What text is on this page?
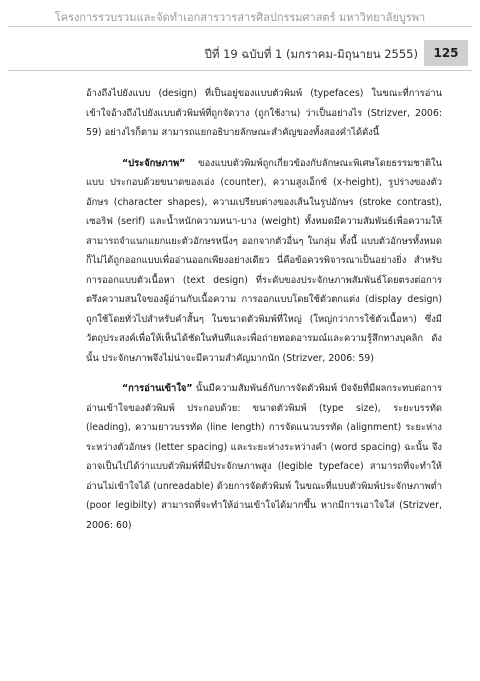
โครงการรวบรวมและจัดทำเอกสารวารสารศิลปกรรมศาสตร์ มหาวิทยาลัยบูรพา
ปีที่ 19 ฉบับที่ 1 (มกราคม-มิถุนายน 2555) 125

อ้างถึงไปยังแบบ (design) ที่เป็นอยู่ของแบบตัวพิมพ์ (typefaces) ในขณะที่การอ่านเข้าใจอ้างถึงไปยังแบบตัวพิมพ์ที่ถูกจัดวาง (ถูกใช้งาน) ว่าเป็นอย่างไร (Strizver, 2006: 59) อย่างไรก็ตาม สามารถแยกอธิบายลักษณะสำคัญของทั้งสองคำได้ดังนี้

“ประจักษภาพ” ของแบบตัวพิมพ์ถูกเกี่ยวข้องกับลักษณะพิเศษโดยธรรมชาติในแบบ ประกอบด้วยขนาดของเอ่ง (counter), ความสูงเอ็กซ์ (x-height), รูปร่างของตัวอักษร (character shapes), ความเปรียบต่างของเส้นในรูปอักษร (stroke contrast), เซอริฟ (serif) และน้ำหนักความหนา-บาง (weight) ทั้งหมดมีความสัมพันธ์เพื่อความให้สามารถจำแนกแยกแยะตัวอักษรหนึ่งๆ ออกจากตัวอื่นๆ ในกลุ่ม ทั้งนี้ แบบตัวอักษรทั้งหมดก็ไม่ได้ถูกออกแบบเพื่ออ่านออกเพียงอย่างเดียว นี่คือข้อควรพิจารณาเป็นอย่างยิ่ง สำหรับการออกแบบตัวเนื้อหา (text design) ที่ระดับของประจักษภาพสัมพันธ์โดยตรงต่อการตรึงความสนใจของผู้อ่านกับเนื้อความ การออกแบบโดยใช้ตัวตกแต่ง (display design) ถูกใช้โดยทั่วไปสำหรับคำสั้นๆ ในขนาดตัวพิมพ์ที่ใหญ่ (ใหญ่กว่าการใช้ตัวเนื้อหา) ซึ่งมีวัตถุประสงค์เพื่อให้เห็นได้ชัดในทันทีและเพื่อถ่ายทอดอารมณ์และความรู้สึกทางบุคลิก ดังนั้น ประจักษภาพจึงไม่น่าจะมีความสำคัญมากนัก (Strizver, 2006: 59)

“การอ่านเข้าใจ” นั้นมีความสัมพันธ์กับการจัดตัวพิมพ์ ปัจจัยที่มีผลกระทบต่อการอ่านเข้าใจของตัวพิมพ์ ประกอบด้วย: ขนาดตัวพิมพ์ (type size), ระยะบรรทัด (leading), ความยาวบรรทัด (line length) การจัดแนวบรรทัด (alignment) ระยะห่างระหว่างตัวอักษร (letter spacing) และระยะห่างระหว่างคำ (word spacing) ฉะนั้น จึงอาจเป็นไปได้ว่าแบบตัวพิมพ์ที่มีประจักษภาพสูง (legible typeface) สามารถที่จะทำให้อ่านไม่เข้าใจได้ (unreadable) ด้วยการจัดตัวพิมพ์ ในขณะที่แบบตัวพิมพ์ประจักษภาพต่ำ (poor legibilty) สามารถที่จะทำให้อ่านเข้าใจได้มากขึ้น หากมีการเอาใจใส่ (Strizver, 2006: 60)
